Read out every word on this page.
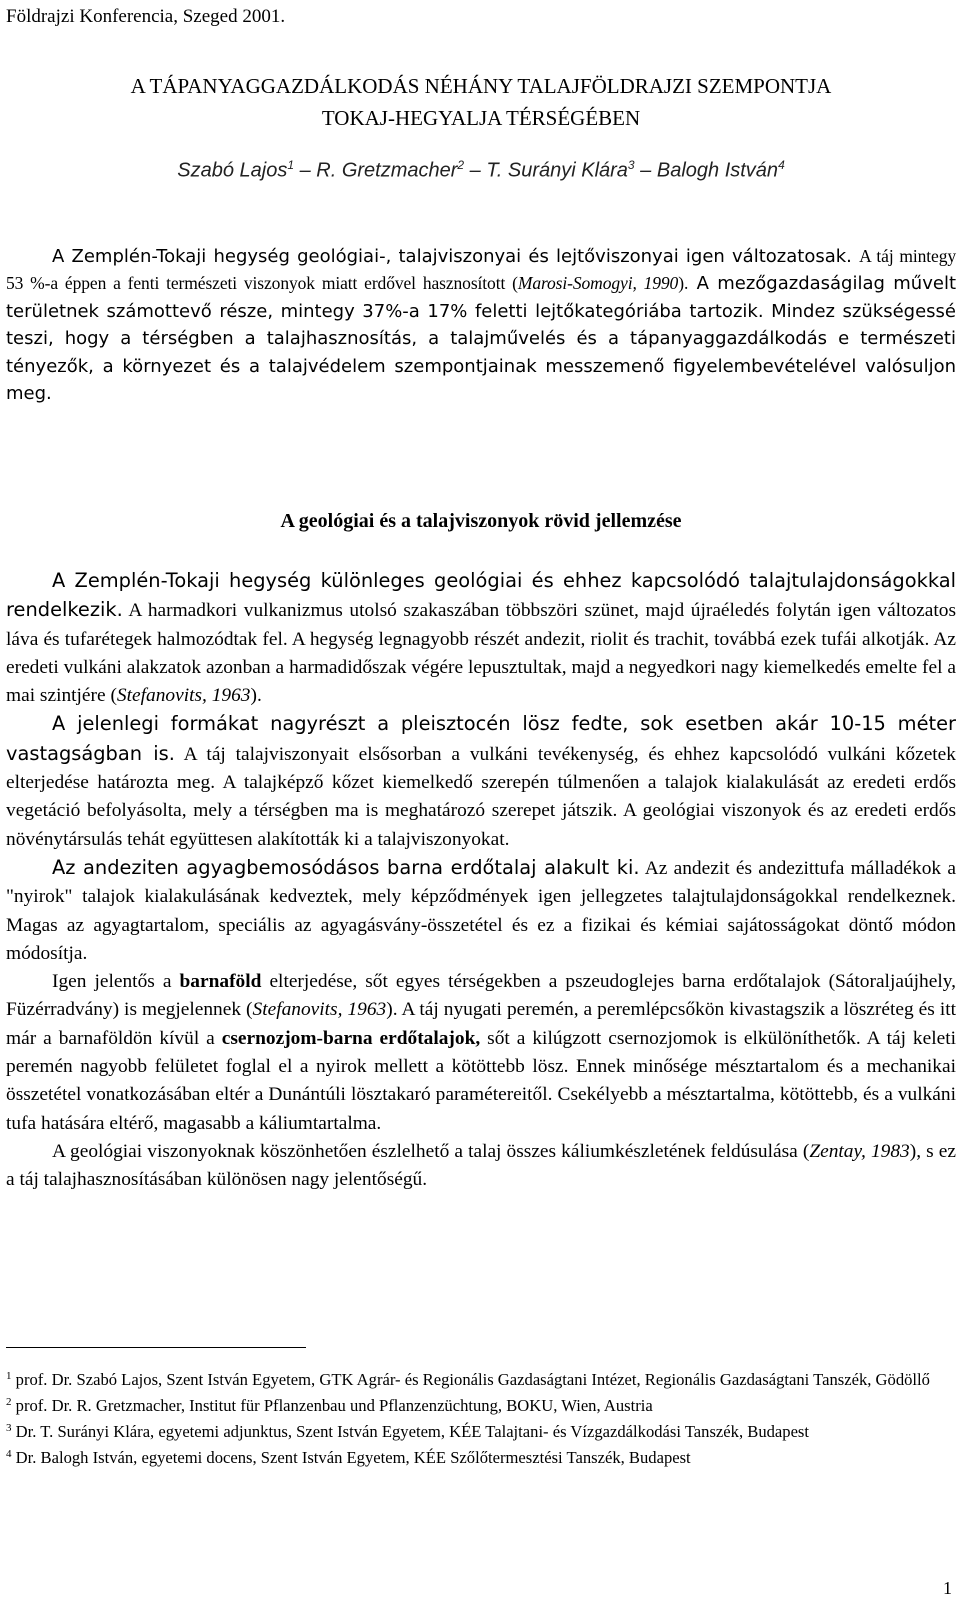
Földrajzi Konferencia, Szeged 2001.
A TÁPANYAGGAZDÁLKODÁS NÉHÁNY TALAJFÖLDRAJZI SZEMPONTJA
TOKAJ-HEGYALJA TÉRSÉGÉBEN
Szabó Lajos$^1$ – R. Gretzmacher$^2$ – T. Surányi Klára$^3$ – Balogh István$^4$

A Zemplén-Tokaji hegység geológiai-, talajviszonyai és lejtőviszonyai igen változatosak. A táj mintegy 53 %-a éppen a fenti természeti viszonyok miatt erdővel hasznosított (Marosi-Somogyi, 1990). A mezőgazdaságilag művelt területnek számottevő része, mintegy 37%-a 17% feletti lejtőkategóriába tartozik. Mindez szükségessé teszi, hogy a térségben a talajhasznosítás, a talajművelés és a tápanyaggazdálkodás e természeti tényezők, a környezet és a talajvédelem szempontjainak messzemenő figyelembevételével valósuljon meg.

A geológiai és a talajviszonyok rövid jellemzése

A Zemplén-Tokaji hegység különleges geológiai és ehhez kapcsolódó talajtulajdonságokkal rendelkezik. A harmadkori vulkanizmus utolsó szakaszában többszöri szünet, majd újraéledés folytán igen változatos láva és tufarétegek halmozódtak fel. A hegység legnagyobb részét andezit, riolit és trachit, továbbá ezek tufái alkotják. Az eredeti vulkáni alakzatok azonban a harmadidőszak végére lepusztultak, majd a negyedkori nagy kiemelkedés emelte fel a mai szintjére (Stefanovits, 1963).

A jelenlegi formákat nagyrészt a pleisztocén lösz fedte, sok esetben akár 10-15 méter vastagságban is. A táj talajviszonyait elsősorban a vulkáni tevékenység, és ehhez kapcsolódó vulkáni kőzetek elterjedése határozta meg. A talajképző kőzet kiemelkedő szerepén túlmenően a talajok kialakulását az eredeti erdős vegetáció befolyásolta, mely a térségben ma is meghatározó szerepet játszik. A geológiai viszonyok és az eredeti erdős növénytársulás tehát együttesen alakították ki a talajviszonyokat.

Az andeziten agyagbemosódásos barna erdőtalaj alakult ki. Az andezit és andezittufa málladékok a "nyirok" talajok kialakulásának kedveztek, mely képződmények igen jellegzetes talajtulajdonságokkal rendelkeznek. Magas az agyagtartalom, speciális az agyagásvány-összetétel és ez a fizikai és kémiai sajátosságokat döntő módon módosítja.

Igen jelentős a barnaföld elterjedése, sőt egyes térségekben a pszeudoglejes barna erdőtalajok (Sátoraljaújhely, Füzérradvány) is megjelennek (Stefanovits, 1963). A táj nyugati peremén, a peremlépcsőkön kivastagszik a löszréteg és itt már a barnaföldön kívül a csernozjom-barna erdőtalajok, sőt a kilúgzott csernozjomok is elkülöníthetők. A táj keleti peremén nagyobb felületet foglal el a nyirok mellett a kötöttebb lösz. Ennek minősége mésztartalom és a mechanikai összetétel vonatkozásában eltér a Dunántúli lösztakaró paramétereitől. Csekélyebb a mésztartalma, kötöttebb, és a vulkáni tufa hatására eltérő, magasabb a káliumtartalma.

A geológiai viszonyoknak köszönhetően észlelhető a talaj összes káliumkészletének feldúsulása (Zentay, 1983), s ez a táj talajhasznosításában különösen nagy jelentőségű.

$^1$ prof. Dr. Szabó Lajos, Szent István Egyetem, GTK Agrár- és Regionális Gazdaságtani Intézet, Regionális Gazdaságtani Tanszék, Gödöllő

$^2$ prof. Dr. R. Gretzmacher, Institut für Pflanzenbau und Pflanzenzüchtung, BOKU, Wien, Austria

$^3$ Dr. T. Surányi Klára, egyetemi adjunktus, Szent István Egyetem, KÉE Talajtani- és Vízgazdálkodási Tanszék, Budapest

$^4$ Dr. Balogh István, egyetemi docens, Szent István Egyetem, KÉE Szőlőtermesztési Tanszék, Budapest

1
